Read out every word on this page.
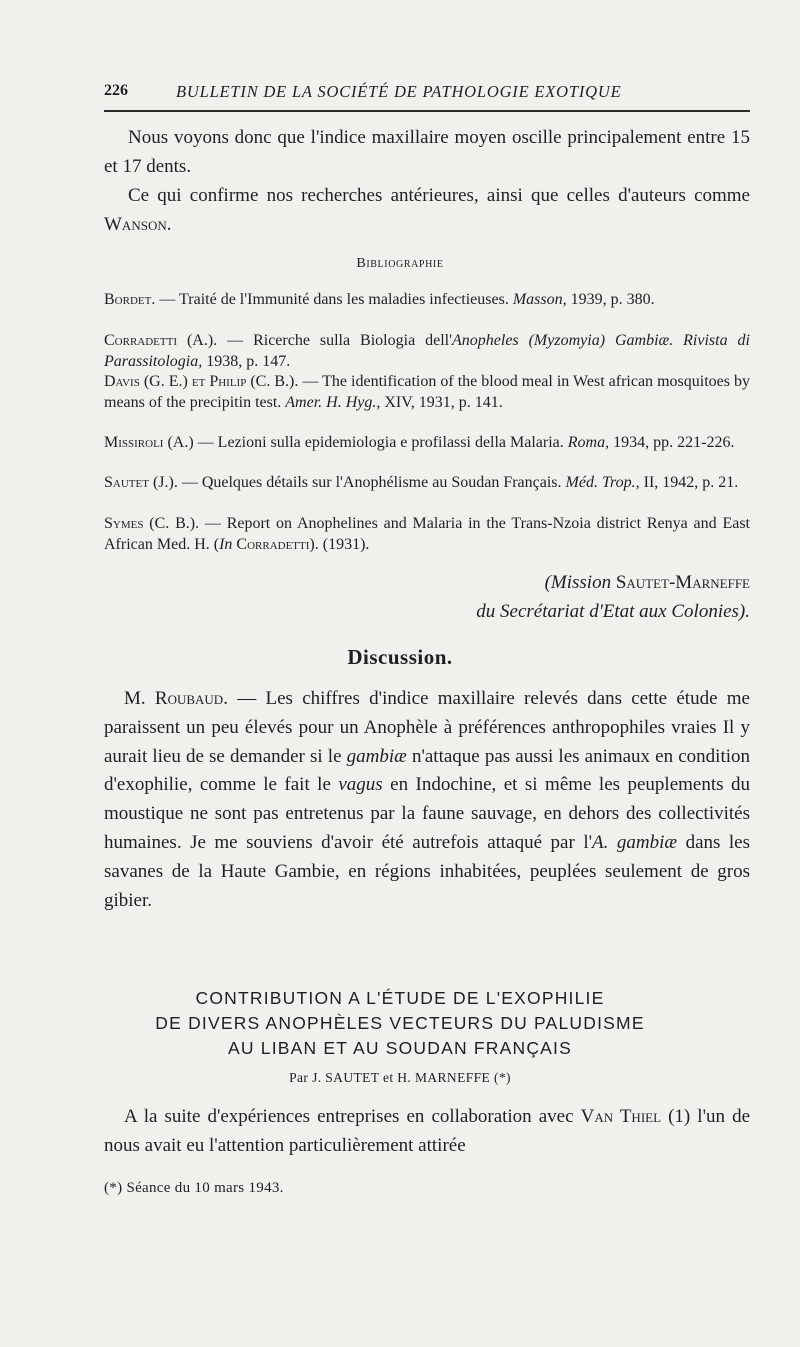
226	BULLETIN DE LA SOCIÉTÉ DE PATHOLOGIE EXOTIQUE

Nous voyons donc que l'indice maxillaire moyen oscille principalement entre 15 et 17 dents.

Ce qui confirme nos recherches antérieures, ainsi que celles d'auteurs comme Wanson.

Bibliographie
Bordet. — Traité de l'Immunité dans les maladies infectieuses. Masson, 1939, p. 380.
Corradetti (A.). — Ricerche sulla Biologia dell'Anopheles (Myzomyia) Gambiæ. Rivista di Parassitologia, 1938, p. 147.
Davis (G. E.) et Philip (C. B.). — The identification of the blood meal in West african mosquitoes by means of the precipitin test. Amer. H. Hyg., XIV, 1931, p. 141.
Missiroli (A.) — Lezioni sulla epidemiologia e profilassi della Malaria. Roma, 1934, pp. 221-226.
Sautet (J.). — Quelques détails sur l'Anophélisme au Soudan Français. Méd. Trop., II, 1942, p. 21.
Symes (C. B.). — Report on Anophelines and Malaria in the Trans-Nzoia district Renya and East African Med. H. (In Corradetti). (1931).
(Mission Sautet-Marneffe
du Secrétariat d'Etat aux Colonies).
Discussion.

M. Roubaud. — Les chiffres d'indice maxillaire relevés dans cette étude me paraissent un peu élevés pour un Anophèle à préférences anthropophiles vraies Il y aurait lieu de se demander si le gambiæ n'attaque pas aussi les animaux en condition d'exophilie, comme le fait le vagus en Indochine, et si même les peuplements du moustique ne sont pas entretenus par la faune sauvage, en dehors des collectivités humaines. Je me souviens d'avoir été autrefois attaqué par l'A. gambiæ dans les savanes de la Haute Gambie, en régions inhabitées, peuplées seulement de gros gibier.

CONTRIBUTION A L'ÉTUDE DE L'EXOPHILIE
DE DIVERS ANOPHÈLES VECTEURS DU PALUDISME
AU LIBAN ET AU SOUDAN FRANÇAIS
Par J. SAUTET et H. MARNEFFE (*)

A la suite d'expériences entreprises en collaboration avec Van Thiel (1) l'un de nous avait eu l'attention particulièrement attirée

(*) Séance du 10 mars 1943.
